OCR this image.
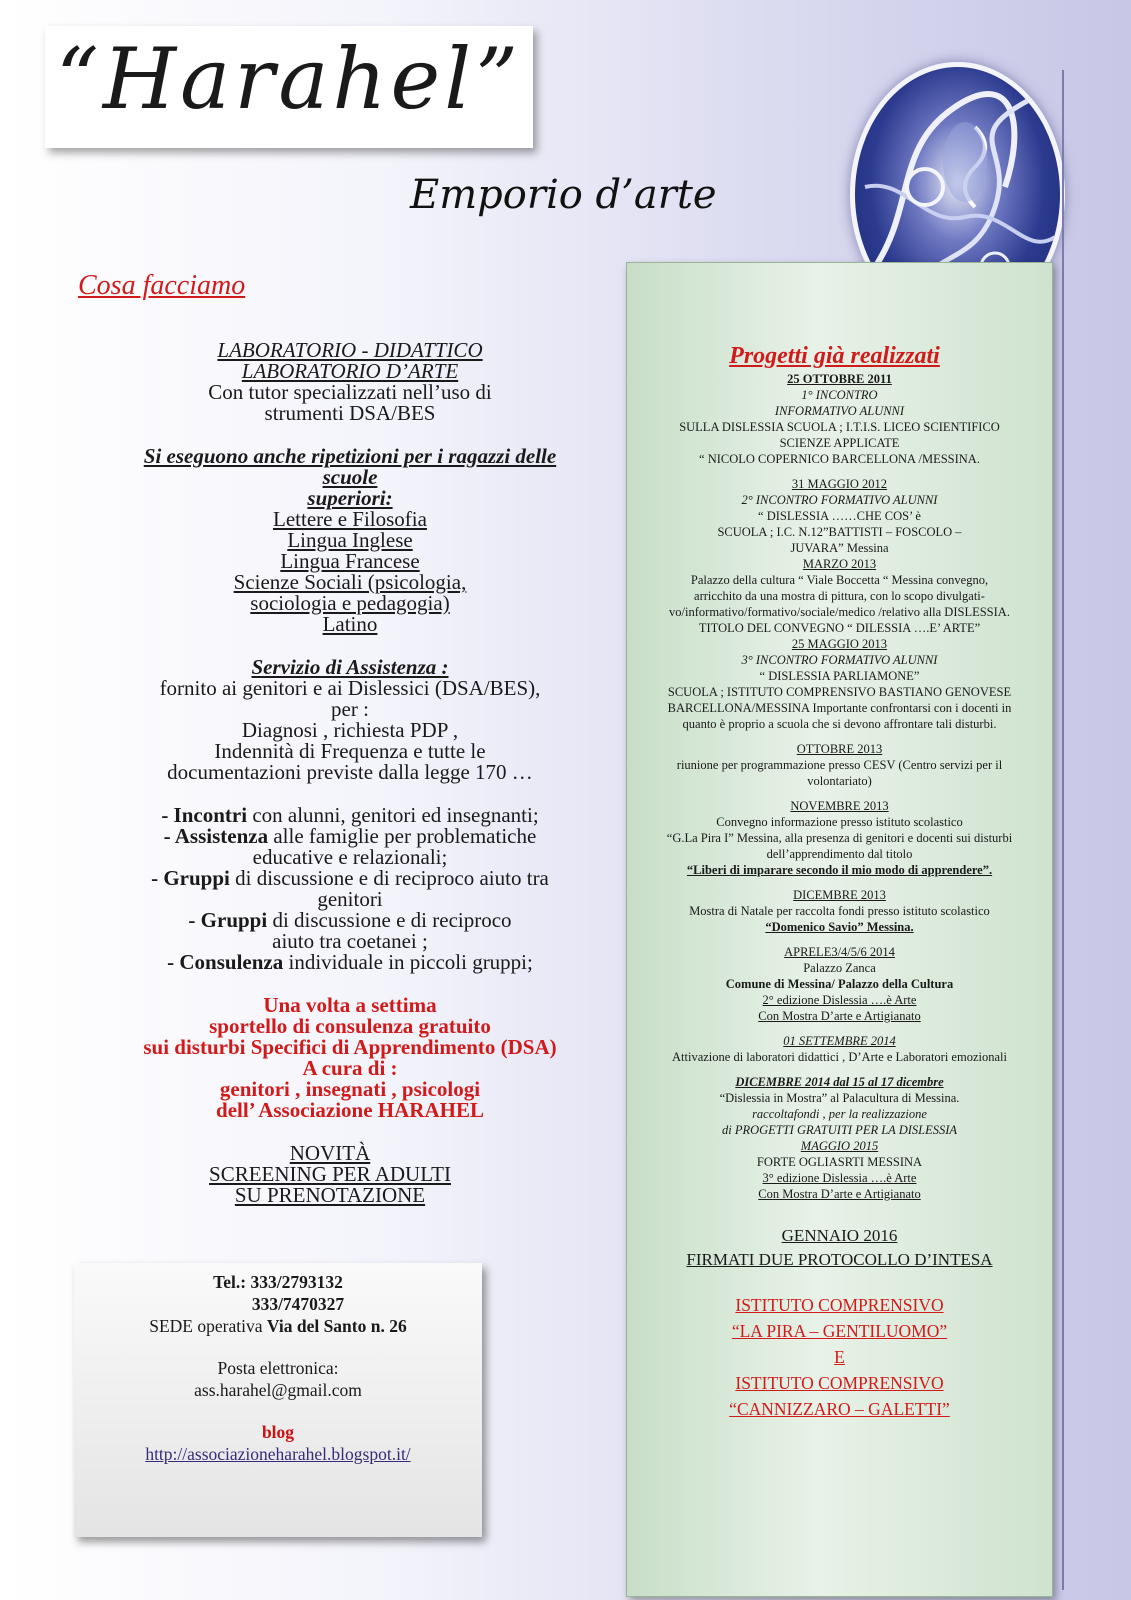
“Harahel”
Emporio d’arte
Cosa facciamo
LABORATORIO - DIDATTICO
LABORATORIO D’ARTE
Con tutor specializzati nell’uso di
strumenti DSA/BES
Si eseguono anche ripetizioni per i ragazzi delle
scuole
superiori:
Lettere e Filosofia
Lingua Inglese
Lingua Francese
Scienze Sociali (psicologia,
sociologia e pedagogia)
Latino
Servizio di Assistenza :
fornito ai genitori e ai Dislessici (DSA/BES),
per :
Diagnosi , richiesta PDP ,
Indennità di Frequenza e tutte le
documentazioni previste dalla legge 170 …
- Incontri con alunni, genitori ed insegnanti;
- Assistenza alle famiglie per problematiche
educative e relazionali;
- Gruppi di discussione e di reciproco aiuto tra
genitori
- Gruppi di discussione e di reciproco
aiuto tra coetanei ;
- Consulenza individuale in piccoli gruppi;
Una volta a settima
sportello di consulenza gratuito
sui disturbi Specifici di Apprendimento (DSA)
A cura di :
genitori , insegnati , psicologi
dell’ Associazione HARAHEL
NOVITÀ
SCREENING PER ADULTI
SU PRENOTAZIONE
Tel.: 333/2793132
333/7470327
SEDE operativa Via del Santo n. 26
Posta elettronica:
ass.harahel@gmail.com
blog
http://associazioneharahel.blogspot.it/
Progetti già realizzati
25 OTTOBRE 2011
1° INCONTRO
INFORMATIVO ALUNNI
SULLA DISLESSIA SCUOLA ; I.T.I.S. LICEO SCIENTIFICO
SCIENZE APPLICATE
“ NICOLO COPERNICO BARCELLONA /MESSINA.
31 MAGGIO 2012
2° INCONTRO FORMATIVO ALUNNI
“ DISLESSIA ……CHE COS’ è
SCUOLA ; I.C. N.12”BATTISTI – FOSCOLO –
JUVARA” Messina
MARZO 2013
Palazzo della cultura “ Viale Boccetta “ Messina convegno,
arricchito da una mostra di pittura, con lo scopo divulgati-
vo/informativo/formativo/sociale/medico /relativo alla DISLESSIA.
TITOLO DEL CONVEGNO “ DILESSIA ….E’ ARTE”
25 MAGGIO 2013
3° INCONTRO FORMATIVO ALUNNI
“ DISLESSIA PARLIAMONE”
SCUOLA ; ISTITUTO COMPRENSIVO BASTIANO GENOVESE
BARCELLONA/MESSINA Importante confrontarsi con i docenti in
quanto è proprio a scuola che si devono affrontare tali disturbi.
OTTOBRE 2013
riunione per programmazione presso CESV (Centro servizi per il
volontariato)
NOVEMBRE 2013
Convegno informazione presso istituto scolastico
“G.La Pira I” Messina, alla presenza di genitori e docenti sui disturbi
dell’apprendimento dal titolo
“Liberi di imparare secondo il mio modo di apprendere”.
DICEMBRE 2013
Mostra di Natale per raccolta fondi presso istituto scolastico
“Domenico Savio” Messina.
APRELE3/4/5/6 2014
Palazzo Zanca
Comune di Messina/ Palazzo della Cultura
2° edizione Dislessia ….è Arte
Con Mostra D’arte e Artigianato
01 SETTEMBRE 2014
Attivazione di laboratori didattici , D’Arte e Laboratori emozionali
DICEMBRE 2014 dal 15 al 17 dicembre
“Dislessia in Mostra” al Palacultura di Messina.
raccoltafondi , per la realizzazione
di PROGETTI GRATUITI PER LA DISLESSIA
MAGGIO 2015
FORTE OGLIASRTI MESSINA
3° edizione Dislessia ….è Arte
Con Mostra D’arte e Artigianato
GENNAIO 2016
FIRMATI DUE PROTOCOLLO D’INTESA
ISTITUTO COMPRENSIVO
“LA PIRA – GENTILUOMO”
E
ISTITUTO COMPRENSIVO
“CANNIZZARO – GALETTI”
